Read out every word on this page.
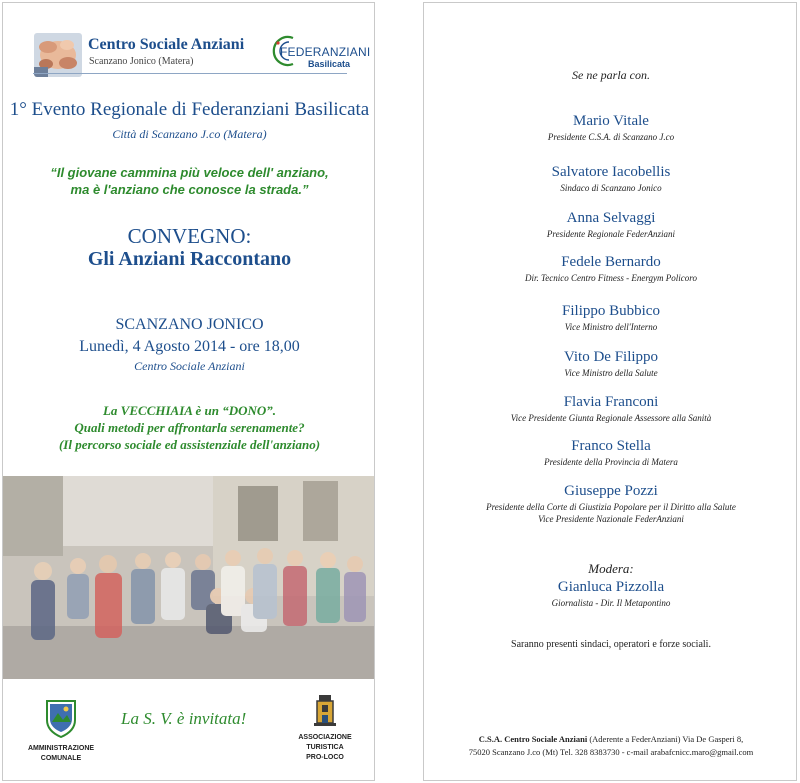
Centro Sociale Anziani
Scanzano Jonico (Matera)
FEDERANZIANI
Basilicata
1° Evento Regionale di Federanziani Basilicata
Città di Scanzano J.co (Matera)
“Il giovane cammina più veloce dell' anziano,
ma è l'anziano che conosce la strada.”
CONVEGNO:
Gli Anziani Raccontano
SCANZANO JONICO
Lunedì, 4 Agosto 2014 - ore 18,00
Centro Sociale Anziani
La VECCHIAIA è un “DONO”.
Quali metodi per affrontarla serenamente?
(Il percorso sociale ed assistenziale dell'anziano)
AMMINISTRAZIONE
COMUNALE
La S. V. è invitata!
ASSOCIAZIONE
TURISTICA
PRO-LOCO
Se ne parla con.
Mario Vitale
Presidente C.S.A. di Scanzano J.co
Salvatore Iacobellis
Sindaco di Scanzano Jonico
Anna Selvaggi
Presidente Regionale FederAnziani
Fedele Bernardo
Dir. Tecnico Centro Fitness - Energym Policoro
Filippo Bubbico
Vice Ministro dell'Interno
Vito De Filippo
Vice Ministro della Salute
Flavia Franconi
Vice Presidente Giunta Regionale Assessore alla Sanità
Franco Stella
Presidente della Provincia di Matera
Giuseppe Pozzi
Presidente della Corte di Giustizia Popolare per il Diritto alla Salute
Vice Presidente Nazionale FederAnziani
Modera:
Gianluca Pizzolla
Giornalista - Dir. Il Metapontino
Saranno presenti sindaci, operatori e forze sociali.
C.S.A. Centro Sociale Anziani (Aderente a FederAnziani) Via De Gasperi 8,
75020 Scanzano J.co (Mt) Tel. 328 8383730 - c-mail arabafcnicc.maro@gmail.com
